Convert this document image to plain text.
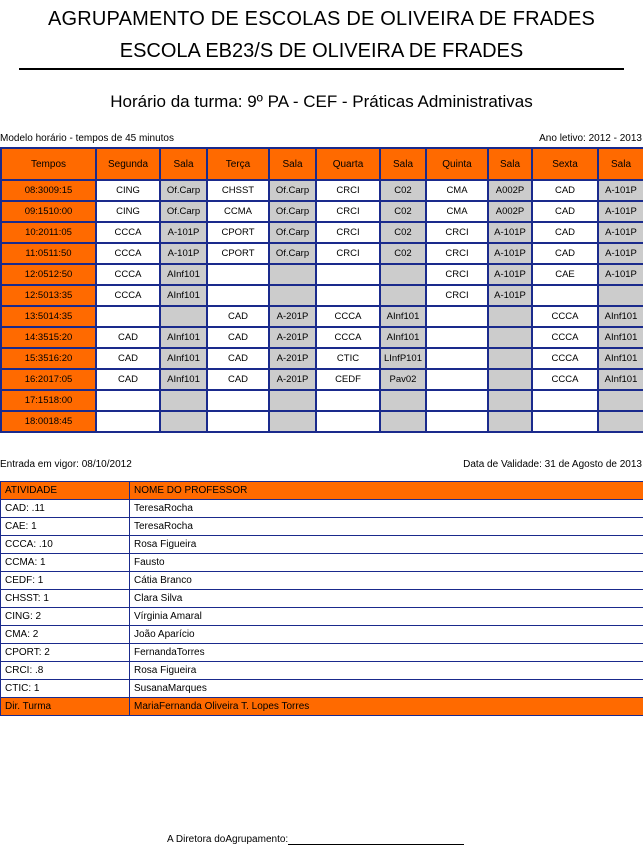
AGRUPAMENTO DE ESCOLAS DE OLIVEIRA DE FRADES
ESCOLA EB23/S DE OLIVEIRA DE FRADES
Horário da turma: 9º PA - CEF - Práticas Administrativas
Modelo horário - tempos de 45 minutos	Ano letivo: 2012 - 2013
Tempos	Segunda	Sala	Terça	Sala	Quarta	Sala	Quinta	Sala	Sexta	Sala
08:3009:15	CING	Of.Carp	CHSST	Of.Carp	CRCI	C02	CMA	A002P	CAD	A-101P
09:1510:00	CING	Of.Carp	CCMA	Of.Carp	CRCI	C02	CMA	A002P	CAD	A-101P
10:2011:05	CCCA	A-101P	CPORT	Of.Carp	CRCI	C02	CRCI	A-101P	CAD	A-101P
11:0511:50	CCCA	A-101P	CPORT	Of.Carp	CRCI	C02	CRCI	A-101P	CAD	A-101P
12:0512:50	CCCA	AInf101					CRCI	A-101P	CAE	A-101P
12:5013:35	CCCA	AInf101					CRCI	A-101P		
13:5014:35			CAD	A-201P	CCCA	AInf101			CCCA	AInf101
14:3515:20	CAD	AInf101	CAD	A-201P	CCCA	AInf101			CCCA	AInf101
15:3516:20	CAD	AInf101	CAD	A-201P	CTIC	LInfP101			CCCA	AInf101
16:2017:05	CAD	AInf101	CAD	A-201P	CEDF	Pav02			CCCA	AInf101
17:1518:00										
18:0018:45										
Entrada em vigor: 08/10/2012	Data de Validade: 31 de Agosto de 2013
ATIVIDADE	NOME DO PROFESSOR
CAD: .11	TeresaRocha
CAE: 1	TeresaRocha
CCCA: .10	Rosa Figueira
CCMA: 1	Fausto
CEDF: 1	Cátia Branco
CHSST: 1	Clara Silva
CING: 2	Vírginia Amaral
CMA: 2	João Aparício
CPORT: 2	FernandaTorres
CRCI: .8	Rosa Figueira
CTIC: 1	SusanaMarques
Dir. Turma	MariaFernanda Oliveira T. Lopes Torres
A Diretora doAgrupamento:
